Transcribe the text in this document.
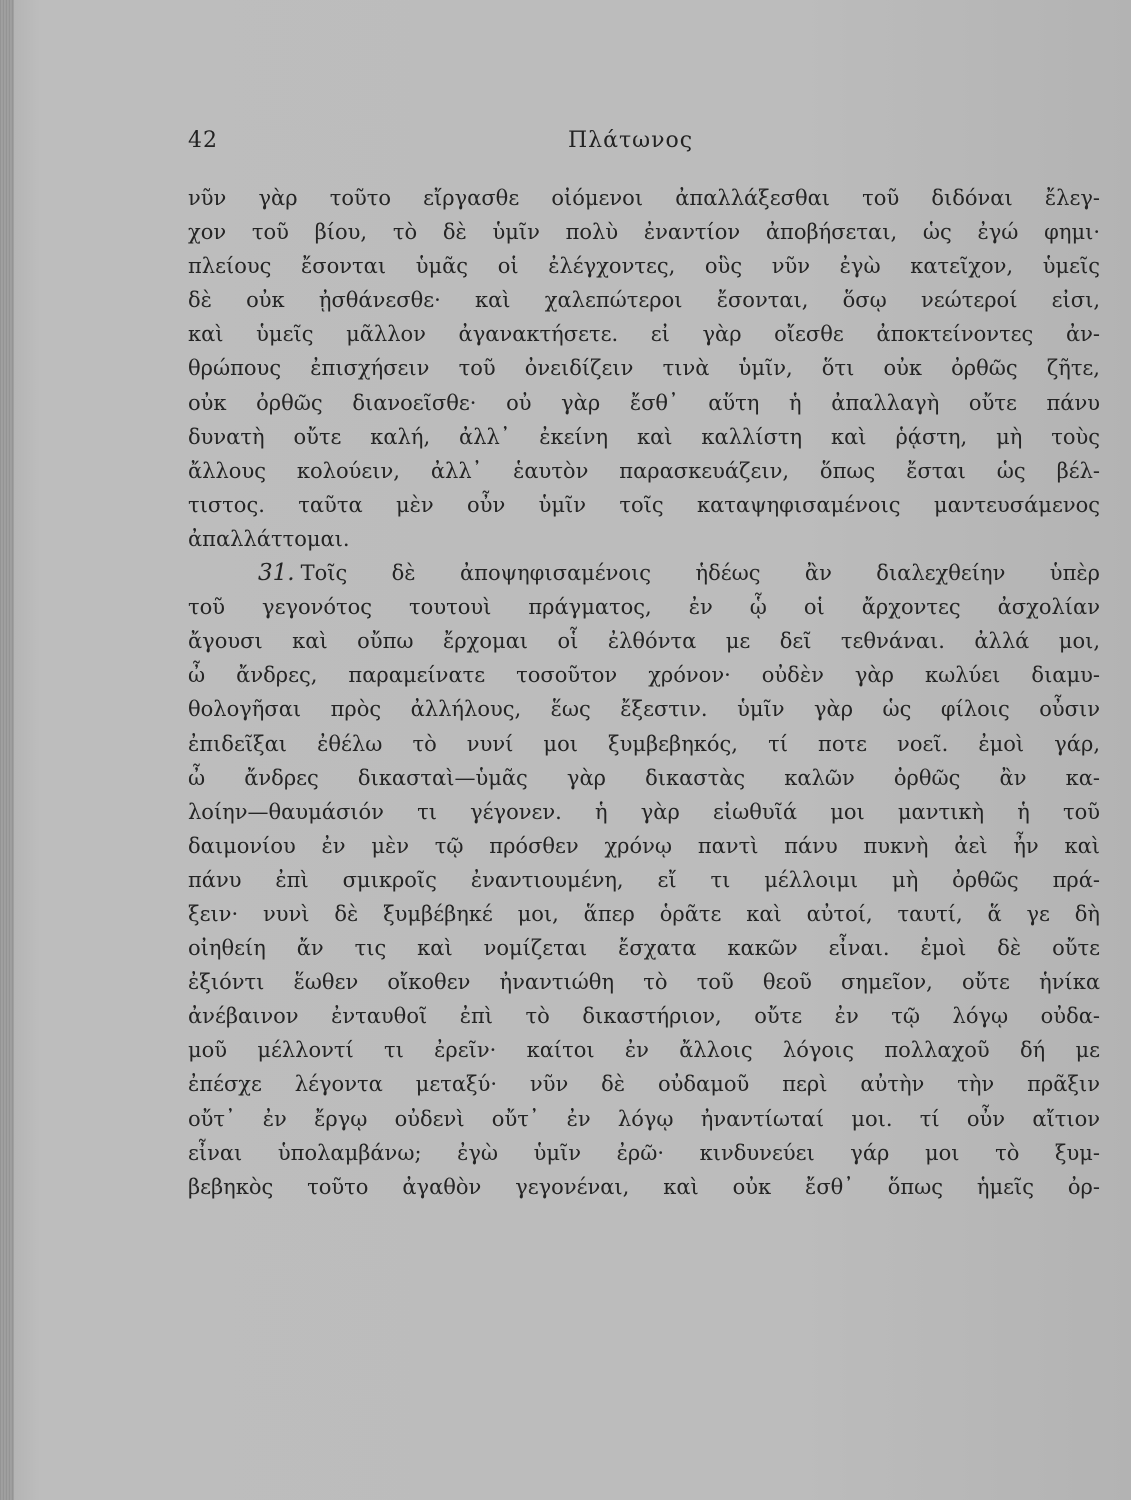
42	Πλάτωνος
νῦν γὰρ τοῦτο εἴργασθε οἰόμενοι ἀπαλλάξεσθαι τοῦ διδόναι ἔλεγ-
χον τοῦ βίου, τὸ δὲ ὑμῖν πολὺ ἐναντίον ἀποβήσεται, ὡς ἐγώ φημι·
πλείους ἔσονται ὑμᾶς οἱ ἐλέγχοντες, οὓς νῦν ἐγὼ κατεῖχον, ὑμεῖς
δὲ οὐκ ᾐσθάνεσθε· καὶ χαλεπώτεροι ἔσονται, ὅσῳ νεώτεροί εἰσι,
καὶ ὑμεῖς μᾶλλον ἀγανακτήσετε. εἰ γὰρ οἴεσθε ἀποκτείνοντες ἀν-
θρώπους ἐπισχήσειν τοῦ ὀνειδίζειν τινὰ ὑμῖν, ὅτι οὐκ ὀρθῶς ζῆτε,
οὐκ ὀρθῶς διανοεῖσθε· οὐ γὰρ ἔσθ᾽ αὕτη ἡ ἀπαλλαγὴ οὔτε πάνυ
δυνατὴ οὔτε καλή, ἀλλ᾽ ἐκείνη καὶ καλλίστη καὶ ῥᾴστη, μὴ τοὺς
ἄλλους κολούειν, ἀλλ᾽ ἑαυτὸν παρασκευάζειν, ὅπως ἔσται ὡς βέλ-
τιστος. ταῦτα μὲν οὖν ὑμῖν τοῖς καταψηφισαμένοις μαντευσάμενος
ἀπαλλάττομαι.
31. Τοῖς δὲ ἀποψηφισαμένοις ἡδέως ἂν διαλεχθείην ὑπὲρ
τοῦ γεγονότος τουτουὶ πράγματος, ἐν ᾧ οἱ ἄρχοντες ἀσχολίαν
ἄγουσι καὶ οὔπω ἔρχομαι οἷ ἐλθόντα με δεῖ τεθνάναι. ἀλλά μοι,
ὦ ἄνδρες, παραμείνατε τοσοῦτον χρόνον· οὐδὲν γὰρ κωλύει διαμυ-
θολογῆσαι πρὸς ἀλλήλους, ἕως ἔξεστιν. ὑμῖν γὰρ ὡς φίλοις οὖσιν
ἐπιδεῖξαι ἐθέλω τὸ νυνί μοι ξυμβεβηκός, τί ποτε νοεῖ. ἐμοὶ γάρ,
ὦ ἄνδρες δικασταὶ—ὑμᾶς γὰρ δικαστὰς καλῶν ὀρθῶς ἂν κα-
λοίην—θαυμάσιόν τι γέγονεν. ἡ γὰρ εἰωθυῖά μοι μαντικὴ ἡ τοῦ
δαιμονίου ἐν μὲν τῷ πρόσθεν χρόνῳ παντὶ πάνυ πυκνὴ ἀεὶ ἦν καὶ
πάνυ ἐπὶ σμικροῖς ἐναντιουμένη, εἴ τι μέλλοιμι μὴ ὀρθῶς πρά-
ξειν· νυνὶ δὲ ξυμβέβηκέ μοι, ἅπερ ὁρᾶτε καὶ αὐτοί, ταυτί, ἅ γε δὴ
οἰηθείη ἄν τις καὶ νομίζεται ἔσχατα κακῶν εἶναι. ἐμοὶ δὲ οὔτε
ἐξιόντι ἕωθεν οἴκοθεν ἠναντιώθη τὸ τοῦ θεοῦ σημεῖον, οὔτε ἡνίκα
ἀνέβαινον ἐνταυθοῖ ἐπὶ τὸ δικαστήριον, οὔτε ἐν τῷ λόγῳ οὐδα-
μοῦ μέλλοντί τι ἐρεῖν· καίτοι ἐν ἄλλοις λόγοις πολλαχοῦ δή με
ἐπέσχε λέγοντα μεταξύ· νῦν δὲ οὐδαμοῦ περὶ αὐτὴν τὴν πρᾶξιν
οὔτ᾽ ἐν ἔργῳ οὐδενὶ οὔτ᾽ ἐν λόγῳ ἠναντίωταί μοι. τί οὖν αἴτιον
εἶναι ὑπολαμβάνω; ἐγὼ ὑμῖν ἐρῶ· κινδυνεύει γάρ μοι τὸ ξυμ-
βεβηκὸς τοῦτο ἀγαθὸν γεγονέναι, καὶ οὐκ ἔσθ᾽ ὅπως ἡμεῖς ὀρ-
